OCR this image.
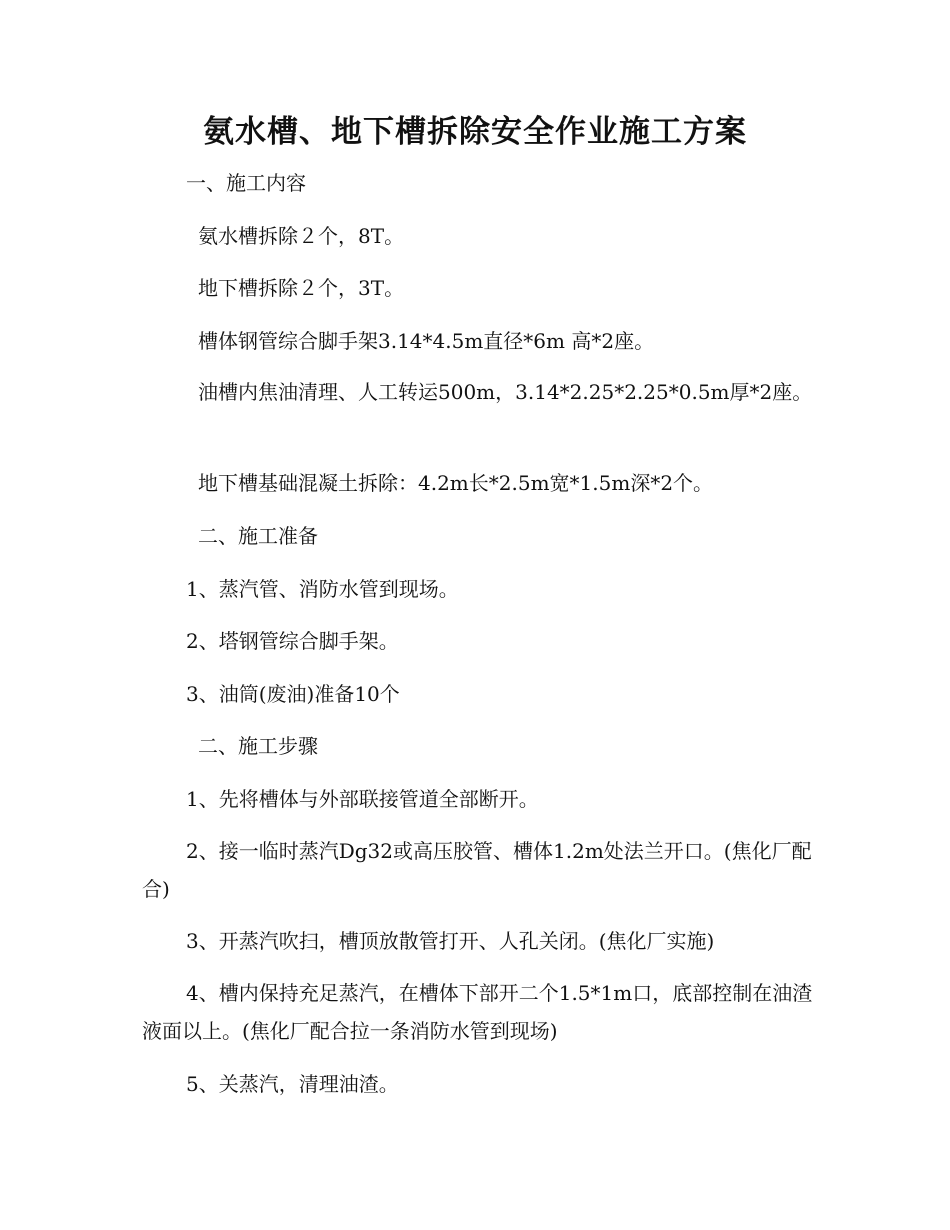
氨水槽、地下槽拆除安全作业施工方案
一、施工内容
氨水槽拆除２个，8T。
地下槽拆除２个，3T。
槽体钢管综合脚手架3.14*4.5m直径*6m 高*2座。
油槽内焦油清理、人工转运500m，3.14*2.25*2.25*0.5m厚*2座。
地下槽基础混凝土拆除：4.2m长*2.5m宽*1.5m深*2个。
二、施工准备
1、蒸汽管、消防水管到现场。
2、塔钢管综合脚手架。
3、油筒(废油)准备10个
二、施工步骤
1、先将槽体与外部联接管道全部断开。
2、接一临时蒸汽Dg32或高压胶管、槽体1.2m处法兰开口。(焦化厂配合)
3、开蒸汽吹扫，槽顶放散管打开、人孔关闭。(焦化厂实施)
4、槽内保持充足蒸汽，在槽体下部开二个1.5*1m口，底部控制在油渣液面以上。(焦化厂配合拉一条消防水管到现场)
5、关蒸汽，清理油渣。
